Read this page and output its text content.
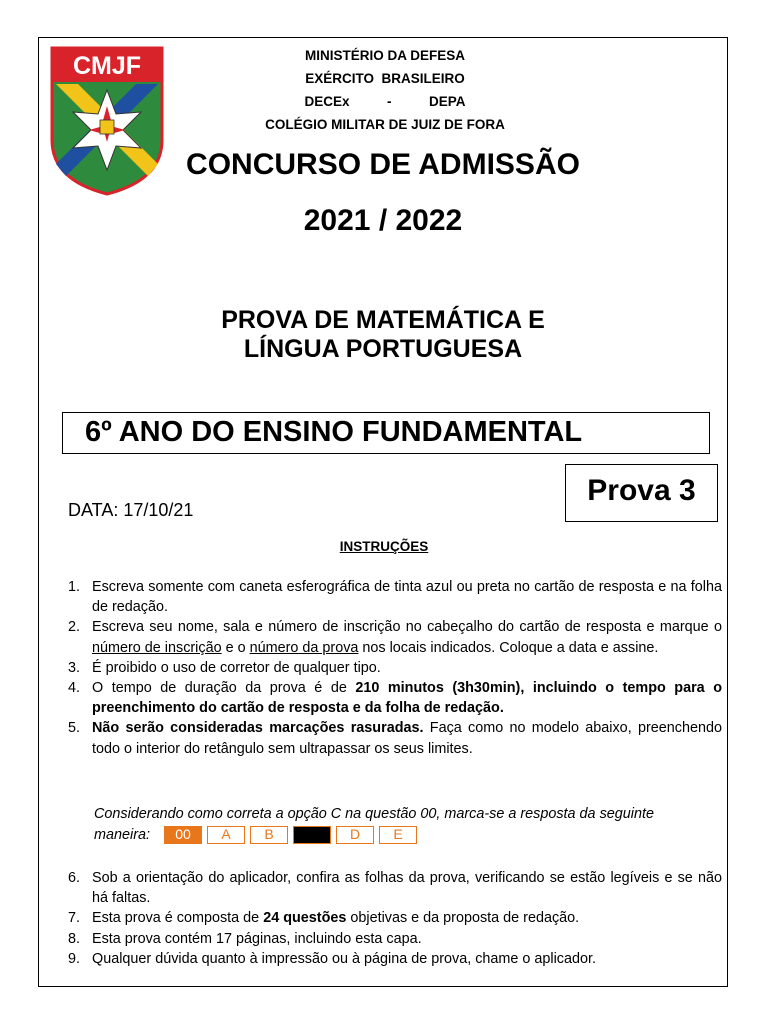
CMJF	MINISTÉRIO DA DEFESA
EXÉRCITO  BRASILEIRO
DECEx          -          DEPA
COLÉGIO MILITAR DE JUIZ DE FORA
CONCURSO DE ADMISSÃO
2021 / 2022
PROVA DE MATEMÁTICA E
LÍNGUA PORTUGUESA
6º ANO DO ENSINO FUNDAMENTAL
Prova 3
DATA: 17/10/21
INSTRUÇÕES
1. Escreva somente com caneta esferográfica de tinta azul ou preta no cartão de resposta e na folha de redação.
2. Escreva seu nome, sala e número de inscrição no cabeçalho do cartão de resposta e marque o número de inscrição e o número da prova nos locais indicados. Coloque a data e assine.
3. É proibido o uso de corretor de qualquer tipo.
4. O tempo de duração da prova é de 210 minutos (3h30min), incluindo o tempo para o preenchimento do cartão de resposta e da folha de redação.
5. Não serão consideradas marcações rasuradas. Faça como no modelo abaixo, preenchendo todo o interior do retângulo sem ultrapassar os seus limites.
Considerando como correta a opção C na questão 00, marca-se a resposta da seguinte
maneira:	00	A	B	D	E
6. Sob a orientação do aplicador, confira as folhas da prova, verificando se estão legíveis e se não há faltas.
7. Esta prova é composta de 24 questões objetivas e da proposta de redação.
8. Esta prova contém 17 páginas, incluindo esta capa.
9. Qualquer dúvida quanto à impressão ou à página de prova, chame o aplicador.
